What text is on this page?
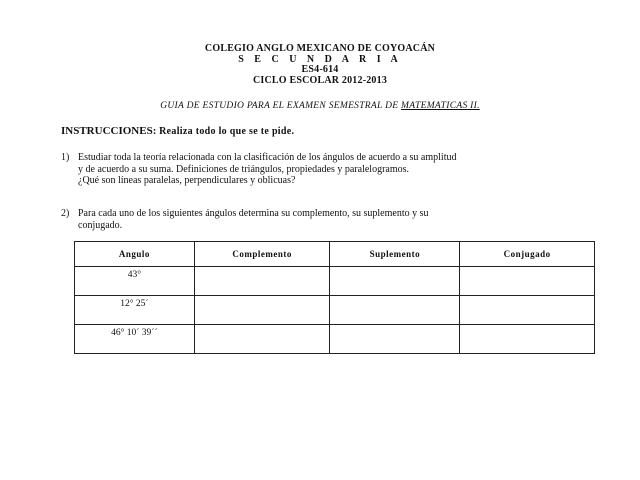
COLEGIO ANGLO MEXICANO DE COYOACÁN
S E C U N D A R I A
ES4-614
CICLO ESCOLAR 2012-2013
GUIA DE ESTUDIO PARA EL EXAMEN SEMESTRAL DE MATEMATICAS II.
INSTRUCCIONES: Realiza todo lo que se te pide.
1) Estudiar toda la teoría relacionada con la clasificación de los ángulos de acuerdo a su amplitud
y de acuerdo a su suma. Definiciones de triángulos, propiedades y paralelogramos.
¿Qué son líneas paralelas, perpendiculares y oblicuas?
2) Para cada uno de los siguientes ángulos determina su complemento, su suplemento y su
conjugado.
Angulo	Complemento	Suplemento	Conjugado
43°			
12° 25´			
46° 10´ 39´´			
